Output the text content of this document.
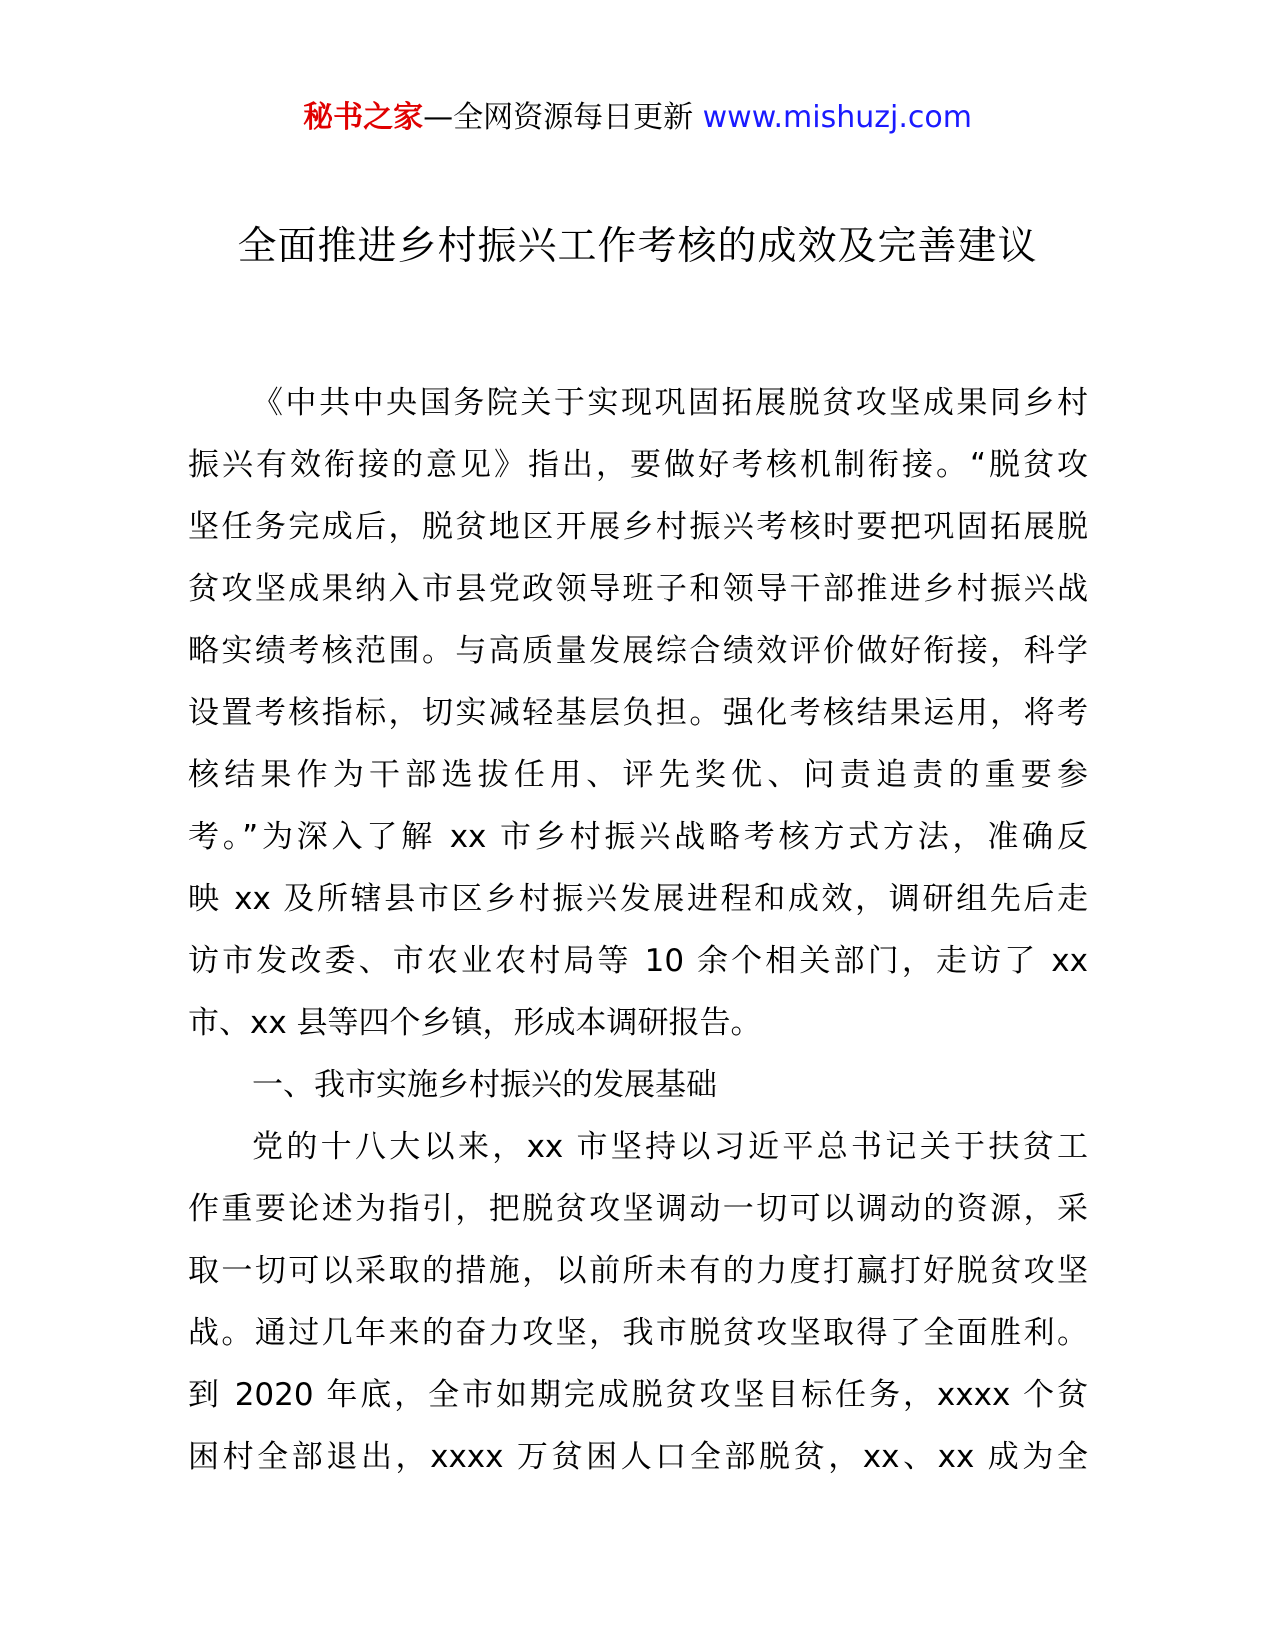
秘书之家—全网资源每日更新 www.mishuzj.com
全面推进乡村振兴工作考核的成效及完善建议
《中共中央国务院关于实现巩固拓展脱贫攻坚成果同乡村
振兴有效衔接的意见》指出，要做好考核机制衔接。“脱贫攻
坚任务完成后，脱贫地区开展乡村振兴考核时要把巩固拓展脱
贫攻坚成果纳入市县党政领导班子和领导干部推进乡村振兴战
略实绩考核范围。与高质量发展综合绩效评价做好衔接，科学
设置考核指标，切实减轻基层负担。强化考核结果运用，将考
核结果作为干部选拔任用、评先奖优、问责追责的重要参
考。”为深入了解 xx 市乡村振兴战略考核方式方法，准确反
映 xx 及所辖县市区乡村振兴发展进程和成效，调研组先后走
访市发改委、市农业农村局等 10 余个相关部门，走访了 xx
市、xx 县等四个乡镇，形成本调研报告。
一、我市实施乡村振兴的发展基础
党的十八大以来，xx 市坚持以习近平总书记关于扶贫工
作重要论述为指引，把脱贫攻坚调动一切可以调动的资源，采
取一切可以采取的措施，以前所未有的力度打赢打好脱贫攻坚
战。通过几年来的奋力攻坚，我市脱贫攻坚取得了全面胜利。
到 2020 年底，全市如期完成脱贫攻坚目标任务，xxxx 个贫
困村全部退出，xxxx 万贫困人口全部脱贫，xx、xx 成为全
